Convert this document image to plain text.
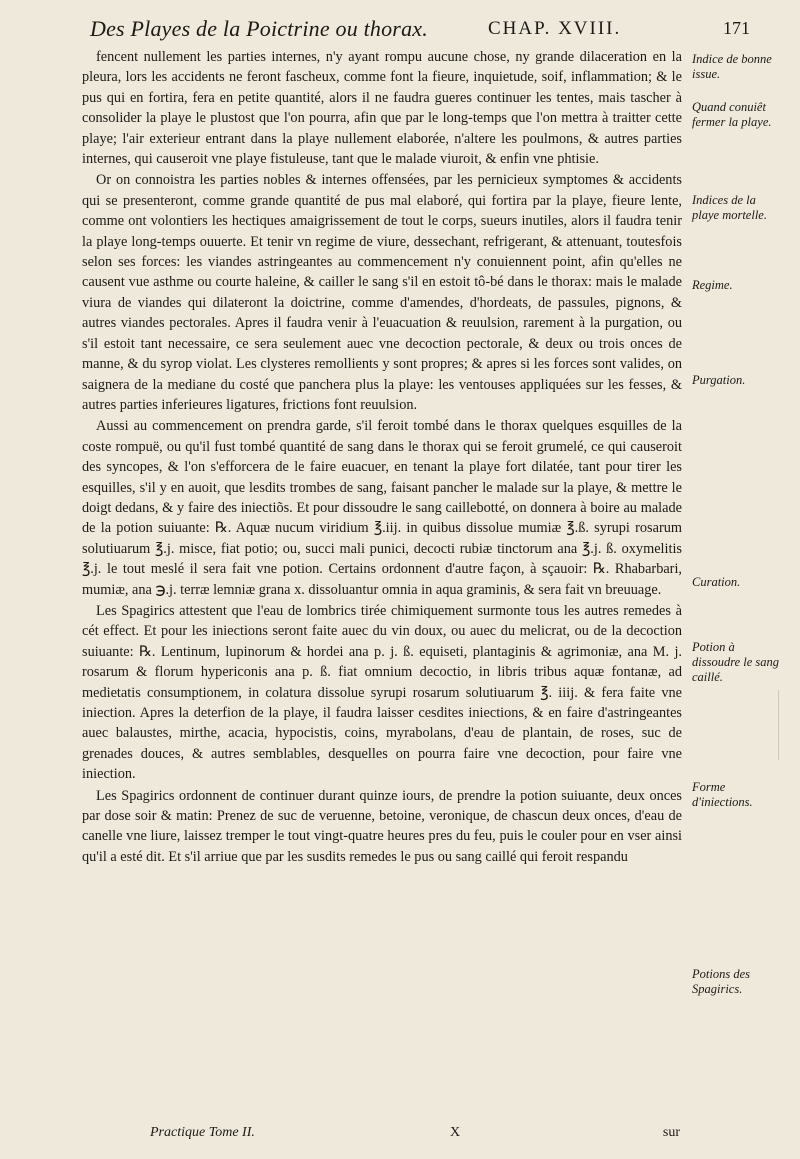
Des Playes de la Poictrine ou thorax.	CHAP. XVIII.	171

fencent nullement les parties internes, n'y ayant rompu aucune chose, ny grande dilaceration en la pleura, lors les accidents ne feront fascheux, comme font la fieure, inquietude, soif, inflammation; & le pus qui en fortira, fera en petite quantité, alors il ne faudra gueres continuer les tentes, mais tascher à consolider la playe le plustost que l'on pourra, afin que par le long-temps que l'on mettra à traitter cette playe; l'air exterieur entrant dans la playe nullement elaborée, n'altere les poulmons, & autres parties internes, qui causeroit vne playe fistuleuse, tant que le malade viuroit, & enfin vne phtisie.

Or on connoistra les parties nobles & internes offensées, par les pernicieux symptomes & accidents qui se presenteront, comme grande quantité de pus mal elaboré, qui fortira par la playe, fieure lente, comme ont volontiers les hectiques amaigrissement de tout le corps, sueurs inutiles, alors il faudra tenir la playe long-temps ouuerte. Et tenir vn regime de viure, dessechant, refrigerant, & attenuant, toutesfois selon ses forces: les viandes astringeantes au commencement n'y conuiennent point, afin qu'elles ne causent vue asthme ou courte haleine, & cailler le sang s'il en estoit tô-bé dans le thorax: mais le malade viura de viandes qui dilateront la doictrine, comme d'amendes, d'hordeats, de passules, pignons, & autres viandes pectorales. Apres il faudra venir à l'euacuation & reuulsion, rarement à la purgation, ou s'il estoit tant necessaire, ce sera seulement auec vne decoction pectorale, & deux ou trois onces de manne, & du syrop violat. Les clysteres remollients y sont propres; & apres si les forces sont valides, on saignera de la mediane du costé que panchera plus la playe: les ventouses appliquées sur les fesses, & autres parties inferieures ligatures, frictions font reuulsion.

Aussi au commencement on prendra garde, s'il feroit tombé dans le thorax quelques esquilles de la coste rompuë, ou qu'il fust tombé quantité de sang dans le thorax qui se feroit grumelé, ce qui causeroit des syncopes, & l'on s'efforcera de le faire euacuer, en tenant la playe fort dilatée, tant pour tirer les esquilles, s'il y en auoit, que lesdits trombes de sang, faisant pancher le malade sur la playe, & mettre le doigt dedans, & y faire des iniectiõs. Et pour dissoudre le sang caillebotté, on donnera à boire au malade de la potion suiuante: ℞. Aquæ nucum viridium ℥.iij. in quibus dissolue mumiæ ℥.ß. syrupi rosarum solutiuarum ℥.j. misce, fiat potio; ou, succi mali punici, decocti rubiæ tinctorum ana ℥.j. ß. oxymelitis ℥.j. le tout meslé il sera fait vne potion. Certains ordonnent d'autre façon, à sçauoir: ℞. Rhabarbari, mumiæ, ana ℈.j. terræ lemniæ grana x. dissoluantur omnia in aqua graminis, & sera fait vn breuuage.

Les Spagirics attestent que l'eau de lombrics tirée chimiquement surmonte tous les autres remedes à cét effect. Et pour les iniections seront faite auec du vin doux, ou auec du melicrat, ou de la decoction suiuante: ℞. Lentinum, lupinorum & hordei ana p. j. ß. equiseti, plantaginis & agrimoniæ, ana M. j. rosarum & florum hypericonis ana p. ß. fiat omnium decoctio, in libris tribus aquæ fontanæ, ad medietatis consumptionem, in colatura dissolue syrupi rosarum solutiuarum ℥. iiij. & fera faite vne iniection. Apres la deterfion de la playe, il faudra laisser cesdites iniections, & en faire d'astringeantes auec balaustes, mirthe, acacia, hypocistis, coins, myrabolans, d'eau de plantain, de roses, suc de grenades douces, & autres semblables, desquelles on pourra faire vne decoction, pour faire vne iniection.

Les Spagirics ordonnent de continuer durant quinze iours, de prendre la potion suiuante, deux onces par dose soir & matin: Prenez de suc de veruenne, betoine, veronique, de chascun deux onces, d'eau de canelle vne liure, laissez tremper le tout vingt-quatre heures pres du feu, puis le couler pour en vser ainsi qu'il a esté dit. Et s'il arriue que par les susdits remedes le pus ou sang caillé qui feroit respandu

Indice de bonne issue.
Quand conuiêt fermer la playe.
Indices de la playe mortelle.
Regime.
Purgation.
Curation.
Potion à dissoudre le sang caillé.
Forme d'iniections.
Potions des Spagirics.
Practique Tome II.	X	sur
